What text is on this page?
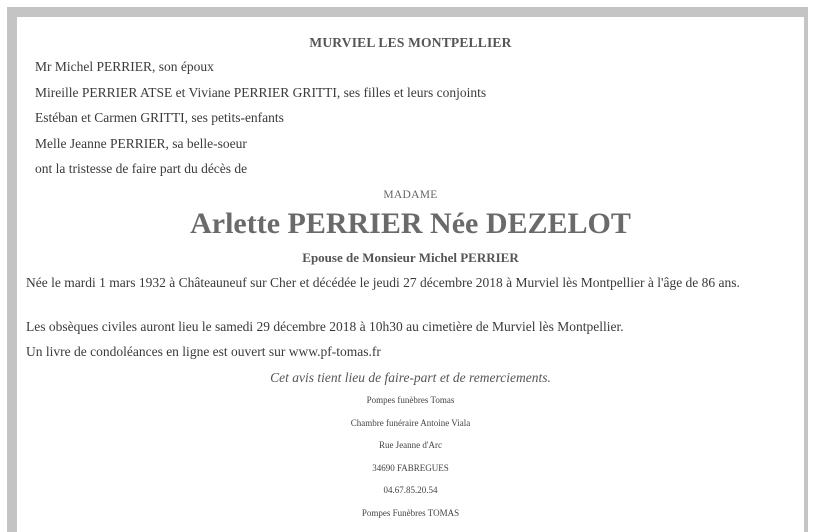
MURVIEL LES MONTPELLIER
Mr Michel PERRIER, son époux
Mireille PERRIER ATSE et Viviane PERRIER GRITTI, ses filles et leurs conjoints
Estéban et Carmen GRITTI, ses petits-enfants
Melle Jeanne PERRIER, sa belle-soeur
ont la tristesse de faire part du décès de
MADAME
Arlette PERRIER Née DEZELOT
Epouse de Monsieur Michel PERRIER
Née le mardi 1 mars 1932 à Châteauneuf sur Cher et décédée le jeudi 27 décembre 2018 à Murviel lès Montpellier à l'âge de 86 ans.
Les obsèques civiles auront lieu le samedi 29 décembre 2018 à 10h30 au cimetière de Murviel lès Montpellier.
Un livre de condoléances en ligne est ouvert sur www.pf-tomas.fr
Cet avis tient lieu de faire-part et de remerciements.
Pompes funèbres Tomas
Chambre funéraire Antoine Viala
Rue Jeanne d'Arc
34690 FABREGUES
04.67.85.20.54
Pompes Funèbres TOMAS
